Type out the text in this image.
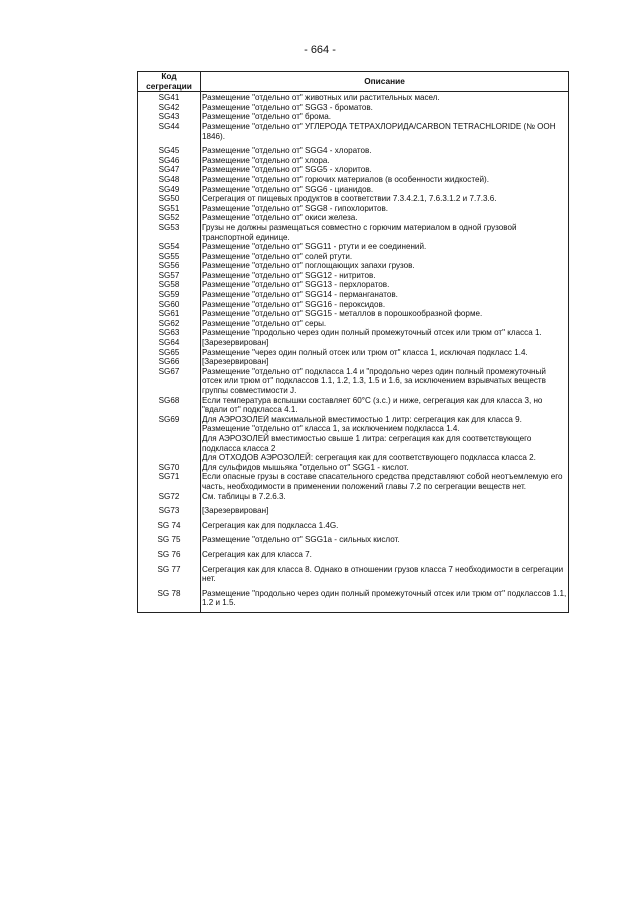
- 664 -
Код сегрегации	Описание
SG41	Размещение "отдельно от" животных или растительных масел.
SG42	Размещение "отдельно от" SGG3 - броматов.
SG43	Размещение "отдельно от" брома.
SG44	Размещение "отдельно от" УГЛЕРОДА ТЕТРАХЛОРИДА/CARBON TETRACHLORIDE (№ ООН 1846).
SG45	Размещение "отдельно от" SGG4 - хлоратов.
SG46	Размещение "отдельно от" хлора.
SG47	Размещение "отдельно от" SGG5 - хлоритов.
SG48	Размещение "отдельно от" горючих материалов (в особенности жидкостей).
SG49	Размещение "отдельно от" SGG6 - цианидов.
SG50	Сегрегация от пищевых продуктов в соответствии 7.3.4.2.1, 7.6.3.1.2 и 7.7.3.6.
SG51	Размещение "отдельно от" SGG8 - гипохлоритов.
SG52	Размещение "отдельно от" окиси железа.
SG53	Грузы не должны размещаться совместно с горючим материалом в одной грузовой транспортной единице.
SG54	Размещение "отдельно от" SGG11 - ртути и ее соединений.
SG55	Размещение "отдельно от" солей ртути.
SG56	Размещение "отдельно от" поглощающих запахи грузов.
SG57	Размещение "отдельно от" SGG12 - нитритов.
SG58	Размещение "отдельно от" SGG13 - перхлоратов.
SG59	Размещение "отдельно от" SGG14 - перманганатов.
SG60	Размещение "отдельно от" SGG16 - пероксидов.
SG61	Размещение "отдельно от" SGG15 - металлов в порошкообразной форме.
SG62	Размещение "отдельно от" серы.
SG63	Размещение "продольно через один полный промежуточный отсек или трюм от" класса 1.
SG64	[Зарезервирован]
SG65	Размещение "через один полный отсек или трюм от" класса 1, исключая подкласс 1.4.
SG66	[Зарезервирован]
SG67	Размещение "отдельно от" подкласса 1.4 и "продольно через один полный промежуточный отсек или трюм от" подклассов 1.1, 1.2, 1.3, 1.5 и 1.6, за исключением взрывчатых веществ группы совместимости J.
SG68	Если температура вспышки составляет 60°C (з.с.) и ниже, сегрегация как для класса 3, но "вдали от" подкласса 4.1.
SG69	Для АЭРОЗОЛЕЙ максимальной вместимостью 1 литр: сегрегация как для класса 9.
Размещение "отдельно от" класса 1, за исключением подкласса 1.4.
Для АЭРОЗОЛЕЙ вместимостью свыше 1 литра: сегрегация как для соответствующего подкласса класса 2
Для ОТХОДОВ АЭРОЗОЛЕЙ: сегрегация как для соответствующего подкласса класса 2.
SG70	Для сульфидов мышьяка "отдельно от" SGG1 - кислот.
SG71	Если опасные грузы в составе спасательного средства представляют собой неотъемлемую его часть, необходимости в применении положений главы 7.2 по сегрегации веществ нет.
SG72	См. таблицы в 7.2.6.3.
SG73	[Зарезервирован]
SG 74	Сегрегация как для подкласса 1.4G.
SG 75	Размещение "отдельно от" SGG1a - сильных кислот.
SG 76	Сегрегация как для класса 7.
SG 77	Сегрегация как для класса 8. Однако в отношении грузов класса 7 необходимости в сегрегации нет.
SG 78	Размещение "продольно через один полный промежуточный отсек или трюм от" подклассов 1.1, 1.2 и 1.5.
